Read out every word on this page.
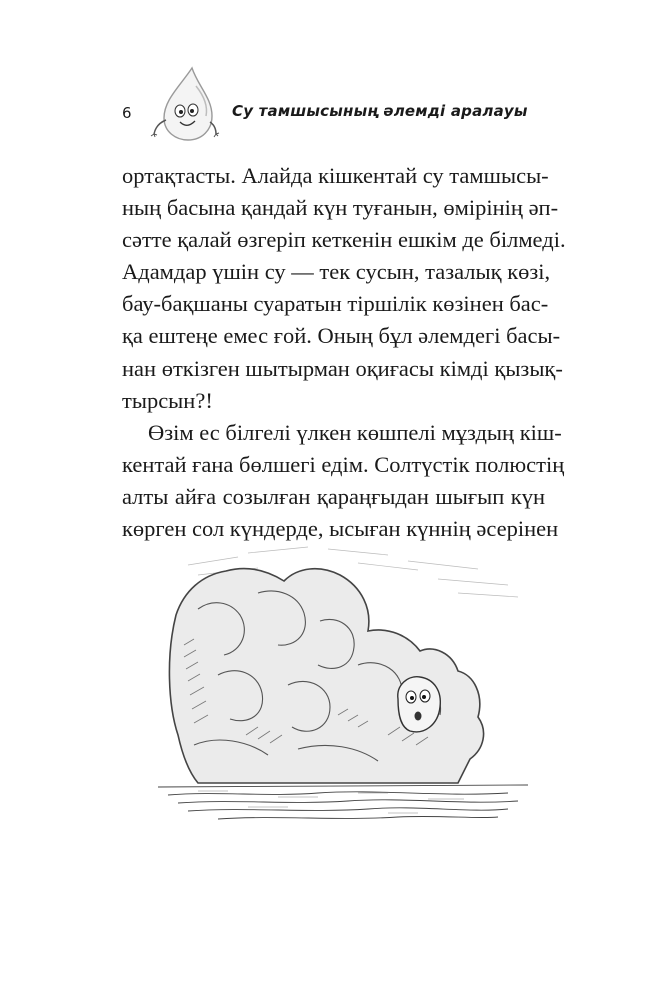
6	Су тамшысының әлемді аралауы
ортақтасты. Алайда кішкентай су тамшысы-
ның басына қандай күн туғанын, өмірінің әп-
сәтте қалай өзгеріп кеткенін ешкім де білмеді.
Адамдар үшін су — тек сусын, тазалық көзі,
бау-бақшаны суаратын тіршілік көзінен бас-
қа ештеңе емес ғой. Оның бұл әлемдегі баcы-
нан өткізген шытырман оқиғасы кімді қызық-
тырсын?!
Өзім ес білгелі үлкен көшпелі мұздың кіш-
кентай ғана бөлшегі едім. Солтүстік полюстің
алты айға созылған қараңғыдан шығып күн
көрген сол күндерде, ысыған күннің әсерінен
